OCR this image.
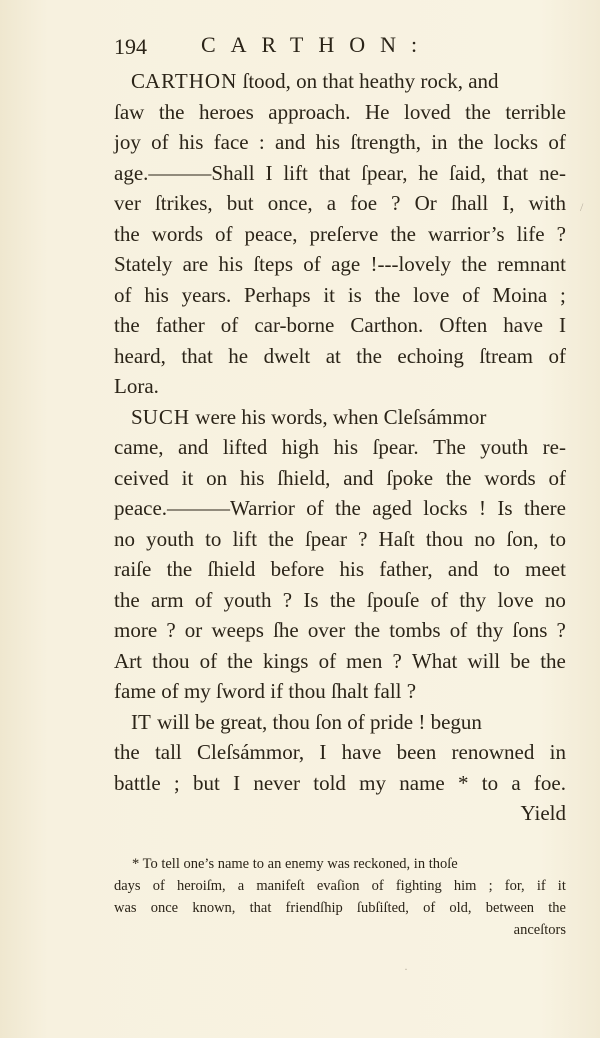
194 CARTHON:
CARTHON ſtood, on that heathy rock, and
ſaw the heroes approach. He loved the terrible
joy of his face : and his ſtrength, in the locks of
age.———Shall I lift that ſpear, he ſaid, that ne-
ver ſtrikes, but once, a foe ? Or ſhall I, with
the words of peace, preſerve the warrior’s life ?
Stately are his ſteps of age !---lovely the remnant
of his years. Perhaps it is the love of Moina ;
the father of car-borne Carthon. Often have I
heard, that he dwelt at the echoing ſtream of
Lora.
SUCH were his words, when Cleſsámmor
came, and lifted high his ſpear. The youth re-
ceived it on his ſhield, and ſpoke the words of
peace.———Warrior of the aged locks ! Is there
no youth to lift the ſpear ? Haſt thou no ſon, to
raiſe the ſhield before his father, and to meet
the arm of youth ? Is the ſpouſe of thy love no
more ? or weeps ſhe over the tombs of thy ſons ?
Art thou of the kings of men ? What will be the
fame of my ſword if thou ſhalt fall ?
IT will be great, thou ſon of pride ! begun
the tall Cleſsámmor, I have been renowned in
battle ; but I never told my name * to a foe.
Yield
* To tell one’s name to an enemy was reckoned, in thoſe
days of heroiſm, a manifeſt evaſion of fighting him ; for, if it
was once known, that friendſhip ſubſiſted, of old, between the
anceſtors
/
·
